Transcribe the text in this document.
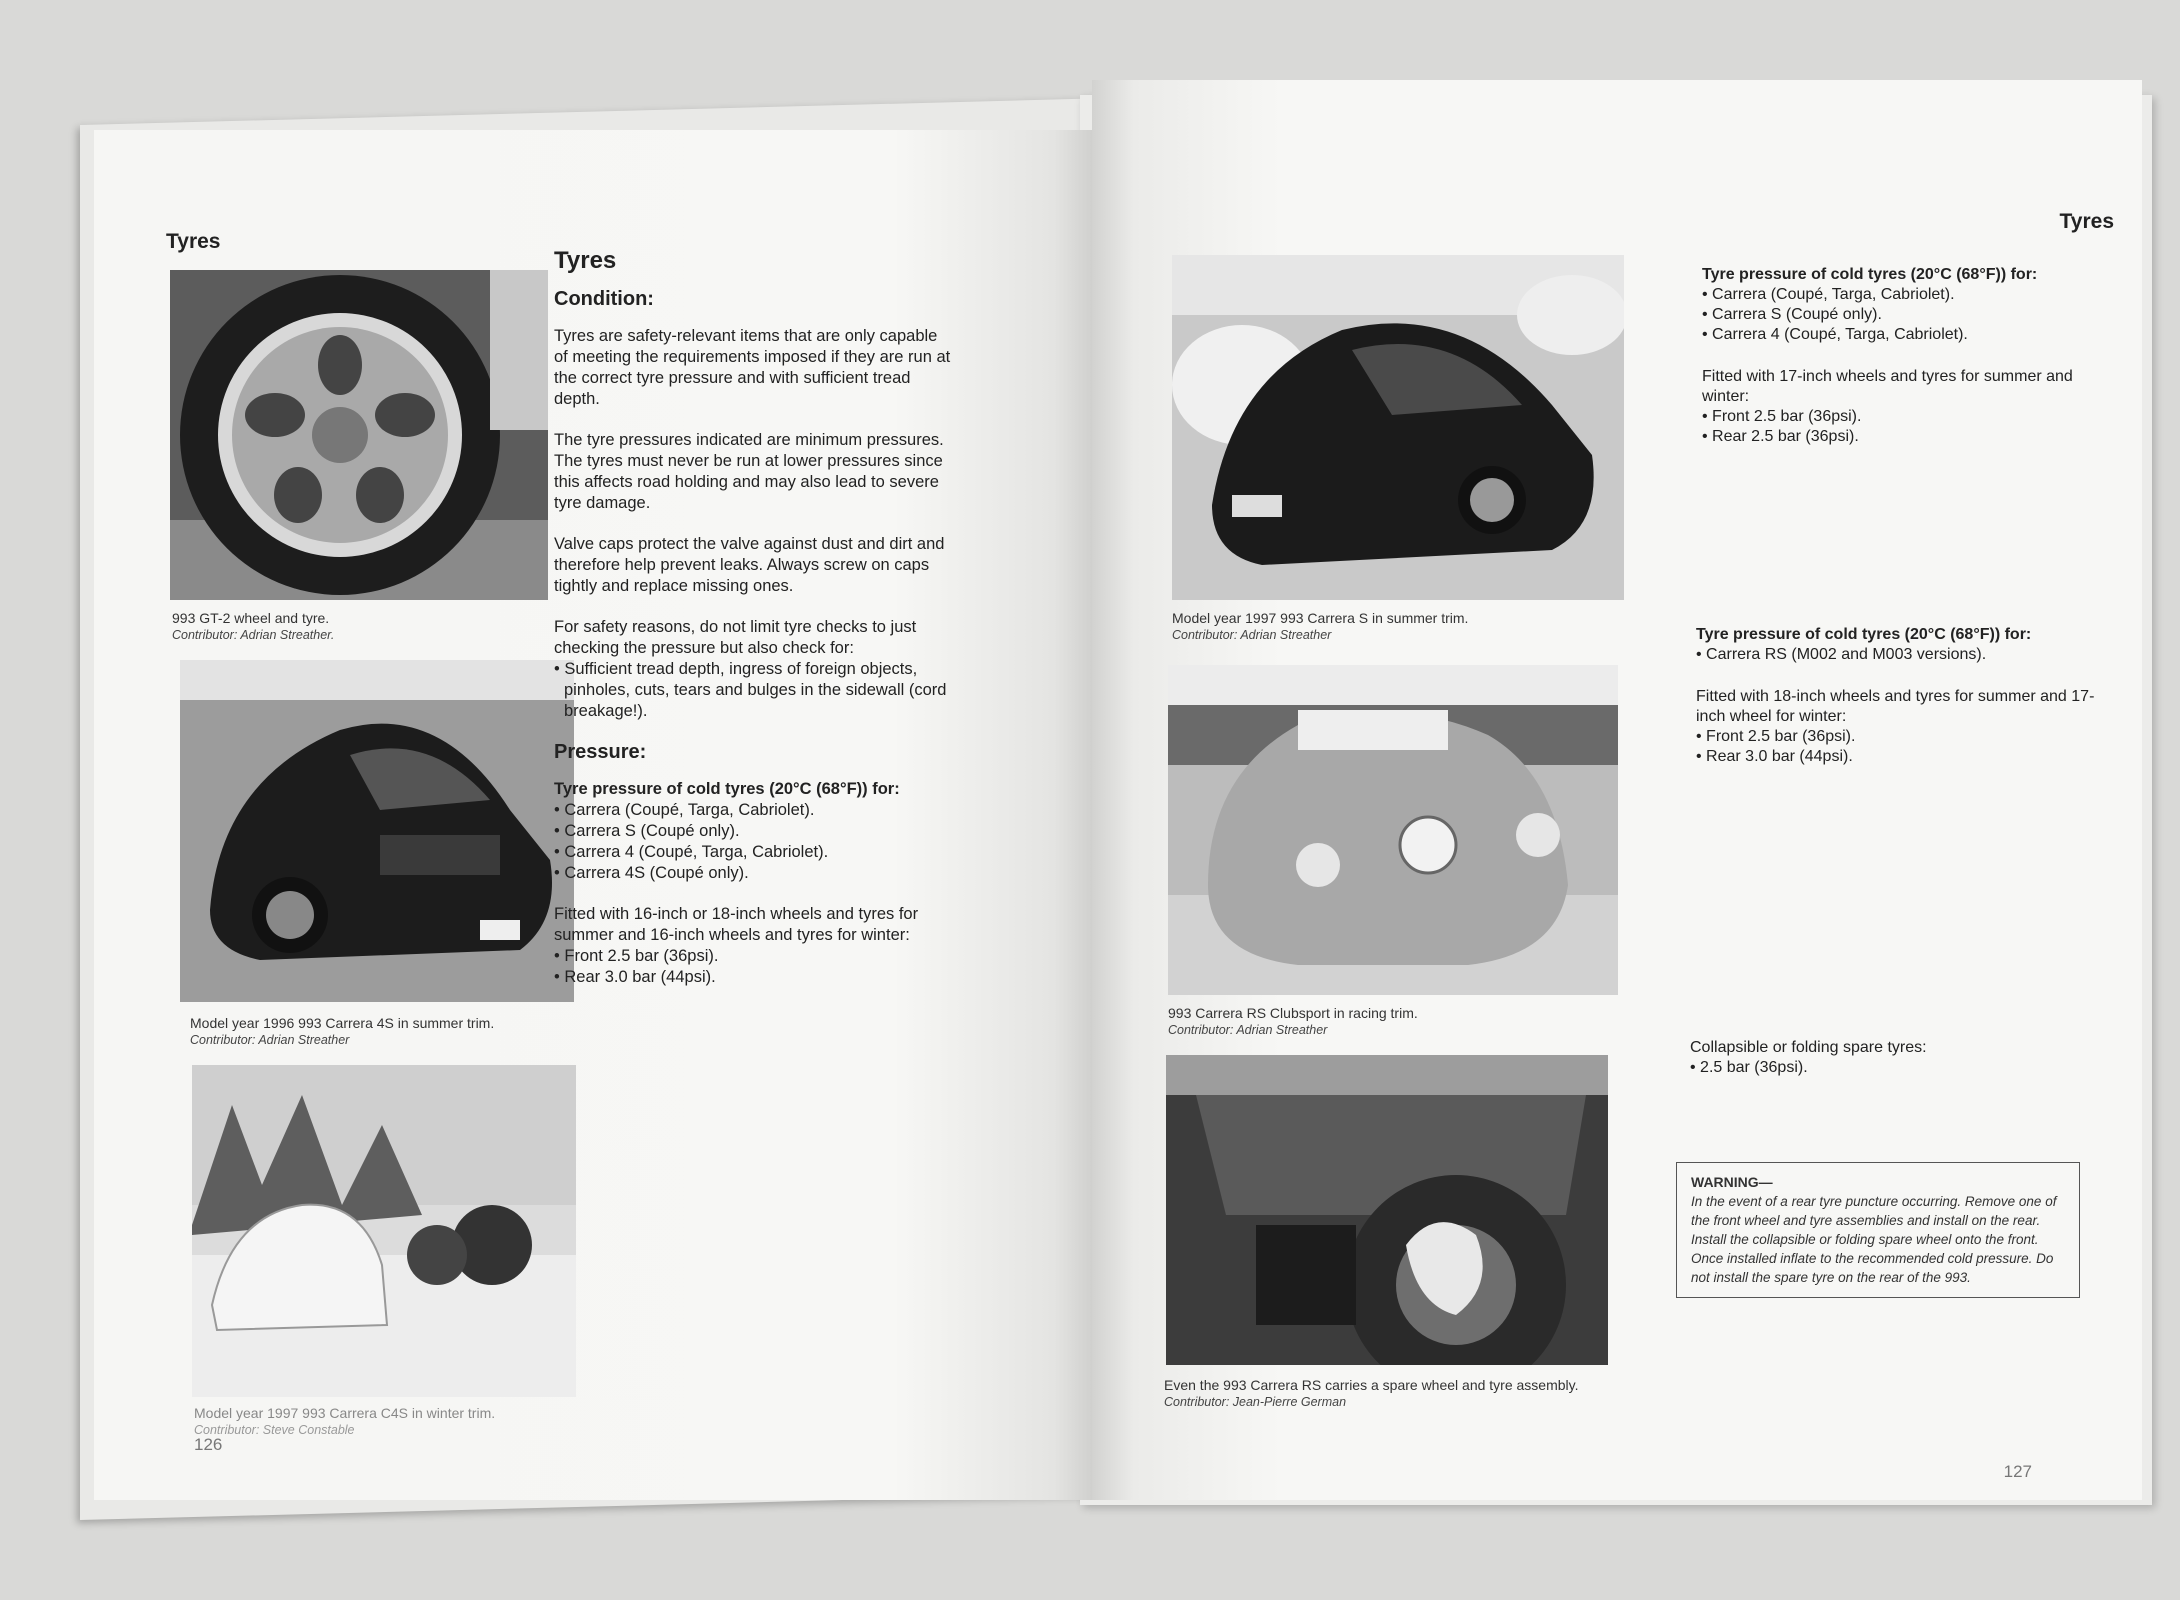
Tyres
993 GT-2 wheel and tyre.
Contributor: Adrian Streather.
Model year 1996 993 Carrera 4S in summer trim.
Contributor: Adrian Streather
Model year 1997 993 Carrera C4S in winter trim.
Contributor: Steve Constable
Tyres
Condition:

Tyres are safety-relevant items that are only capable of meeting the requirements imposed if they are run at the correct tyre pressure and with sufficient tread depth.

The tyre pressures indicated are minimum pressures. The tyres must never be run at lower pressures since this affects road holding and may also lead to severe tyre damage.

Valve caps protect the valve against dust and dirt and therefore help prevent leaks. Always screw on caps tightly and replace missing ones.

For safety reasons, do not limit tyre checks to just checking the pressure but also check for:

• Sufficient tread depth, ingress of foreign objects, pinholes, cuts, tears and bulges in the sidewall (cord breakage!).
Pressure:

Tyre pressure of cold tyres (20°C (68°F)) for:

• Carrera (Coupé, Targa, Cabriolet).
• Carrera S (Coupé only).
• Carrera 4 (Coupé, Targa, Cabriolet).
• Carrera 4S (Coupé only).

Fitted with 16-inch or 18-inch wheels and tyres for summer and 16-inch wheels and tyres for winter:

• Front 2.5 bar (36psi).
• Rear 3.0 bar (44psi).
126
Tyres
Model year 1997 993 Carrera S in summer trim.
Contributor: Adrian Streather
993 Carrera RS Clubsport in racing trim.
Contributor: Adrian Streather
Even the 993 Carrera RS carries a spare wheel and tyre assembly.
Contributor: Jean-Pierre German

Tyre pressure of cold tyres (20°C (68°F)) for:

• Carrera (Coupé, Targa, Cabriolet).
• Carrera S (Coupé only).
• Carrera 4 (Coupé, Targa, Cabriolet).

Fitted with 17-inch wheels and tyres for summer and winter:

• Front 2.5 bar (36psi).
• Rear 2.5 bar (36psi).

Tyre pressure of cold tyres (20°C (68°F)) for:

• Carrera RS (M002 and M003 versions).

Fitted with 18-inch wheels and tyres for summer and 17-inch wheel for winter:

• Front 2.5 bar (36psi).
• Rear 3.0 bar (44psi).

Collapsible or folding spare tyres:

• 2.5 bar (36psi).
WARNING—
In the event of a rear tyre puncture occurring. Remove one of the front wheel and tyre assemblies and install on the rear. Install the collapsible or folding spare wheel onto the front. Once installed inflate to the recommended cold pressure. Do not install the spare tyre on the rear of the 993.
127
